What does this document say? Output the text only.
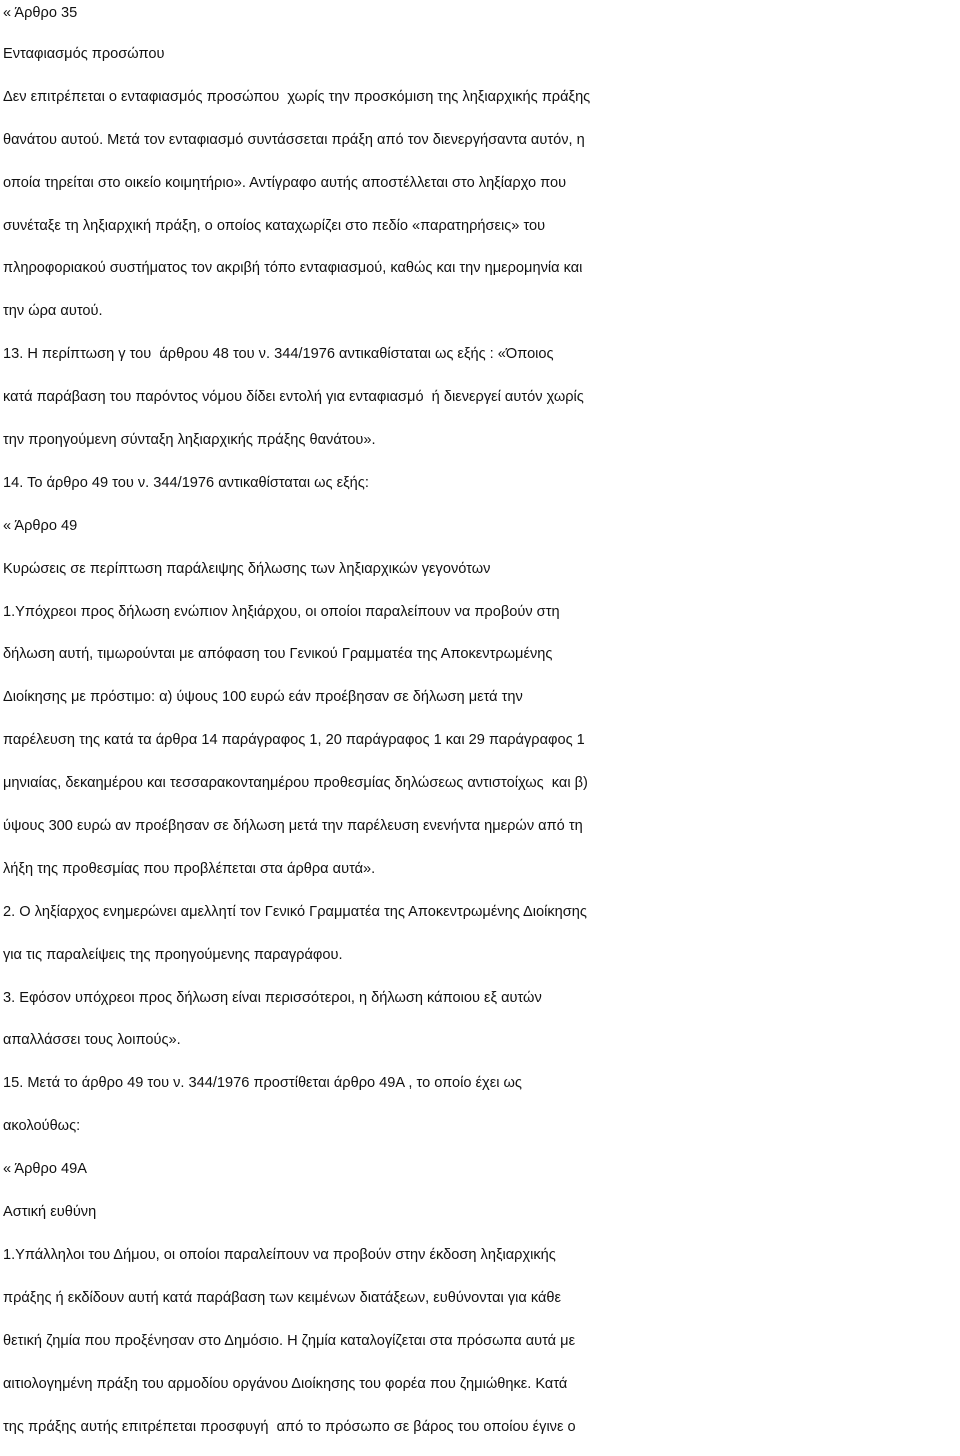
« Άρθρο 35
Ενταφιασμός προσώπου
Δεν επιτρέπεται ο ενταφιασμός προσώπου  χωρίς την προσκόμιση της ληξιαρχικής πράξης
θανάτου αυτού. Μετά τον ενταφιασμό συντάσσεται πράξη από τον διενεργήσαντα αυτόν, η
οποία τηρείται στο οικείο κοιμητήριο». Αντίγραφο αυτής αποστέλλεται στο ληξίαρχο που
συνέταξε τη ληξιαρχική πράξη, ο οποίος καταχωρίζει στο πεδίο «παρατηρήσεις» του
πληροφοριακού συστήματος τον ακριβή τόπο ενταφιασμού, καθώς και την ημερομηνία και
την ώρα αυτού.
13. Η περίπτωση γ του  άρθρου 48 του ν. 344/1976 αντικαθίσταται ως εξής : «Όποιος
κατά παράβαση του παρόντος νόμου δίδει εντολή για ενταφιασμό  ή διενεργεί αυτόν χωρίς
την προηγούμενη σύνταξη ληξιαρχικής πράξης θανάτου».
14. Το άρθρο 49 του ν. 344/1976 αντικαθίσταται ως εξής:
« Άρθρο 49
Κυρώσεις σε περίπτωση παράλειψης δήλωσης των ληξιαρχικών γεγονότων
1.Υπόχρεοι προς δήλωση ενώπιον ληξιάρχου, οι οποίοι παραλείπουν να προβούν στη
δήλωση αυτή, τιμωρούνται με απόφαση του Γενικού Γραμματέα της Αποκεντρωμένης
Διοίκησης με πρόστιμο: α) ύψους 100 ευρώ εάν προέβησαν σε δήλωση μετά την
παρέλευση της κατά τα άρθρα 14 παράγραφος 1, 20 παράγραφος 1 και 29 παράγραφος 1
μηνιαίας, δεκαημέρου και τεσσαρακονταημέρου προθεσμίας δηλώσεως αντιστοίχως  και β)
ύψους 300 ευρώ αν προέβησαν σε δήλωση μετά την παρέλευση ενενήντα ημερών από τη
λήξη της προθεσμίας που προβλέπεται στα άρθρα αυτά».
2. Ο ληξίαρχος ενημερώνει αμελλητί τον Γενικό Γραμματέα της Αποκεντρωμένης Διοίκησης
για τις παραλείψεις της προηγούμενης παραγράφου.
3. Εφόσον υπόχρεοι προς δήλωση είναι περισσότεροι, η δήλωση κάποιου εξ αυτών
απαλλάσσει τους λοιπούς».
15. Μετά το άρθρο 49 του ν. 344/1976 προστίθεται άρθρο 49Α , το οποίο έχει ως
ακολούθως:
« Άρθρο 49Α
Αστική ευθύνη
1.Υπάλληλοι του Δήμου, οι οποίοι παραλείπουν να προβούν στην έκδοση ληξιαρχικής
πράξης ή εκδίδουν αυτή κατά παράβαση των κειμένων διατάξεων, ευθύνονται για κάθε
θετική ζημία που προξένησαν στο Δημόσιο. Η ζημία καταλογίζεται στα πρόσωπα αυτά με
αιτιολογημένη πράξη του αρμοδίου οργάνου Διοίκησης του φορέα που ζημιώθηκε. Κατά
της πράξης αυτής επιτρέπεται προσφυγή  από το πρόσωπο σε βάρος του οποίου έγινε ο
